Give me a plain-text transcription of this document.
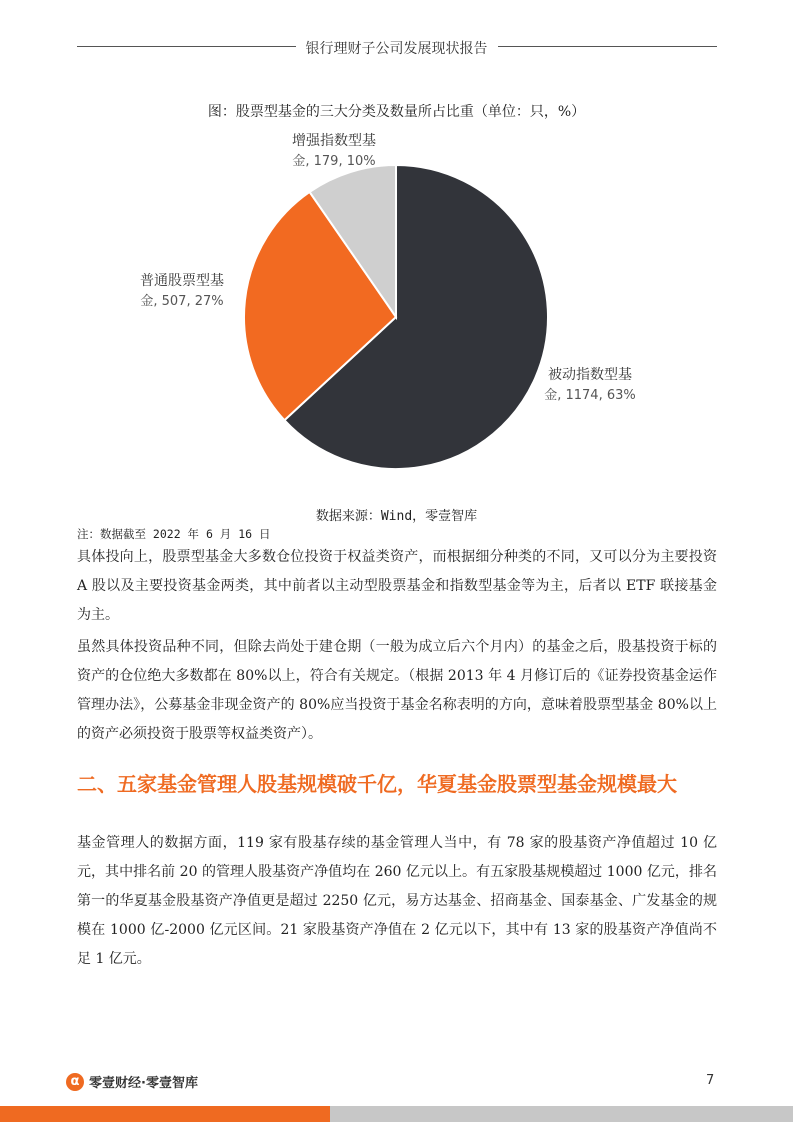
银行理财子公司发展现状报告
图：股票型基金的三大分类及数量所占比重（单位：只，%）
被动指数型基
金, 1174, 63%
普通股票型基
金, 507, 27%
增强指数型基
金, 179, 10%
数据来源：Wind，零壹智库
注：数据截至 2022 年 6 月 16 日
具体投向上，股票型基金大多数仓位投资于权益类资产，而根据细分种类的不同，又可以分为主要投资 A 股以及主要投资基金两类，其中前者以主动型股票基金和指数型基金等为主，后者以 ETF 联接基金为主。
虽然具体投资品种不同，但除去尚处于建仓期（一般为成立后六个月内）的基金之后，股基投资于标的资产的仓位绝大多数都在 80%以上，符合有关规定。（根据 2013 年 4 月修订后的《证券投资基金运作管理办法》，公募基金非现金资产的 80%应当投资于基金名称表明的方向，意味着股票型基金 80%以上的资产必须投资于股票等权益类资产）。
二、五家基金管理人股基规模破千亿，华夏基金股票型基金规模最大
基金管理人的数据方面，119 家有股基存续的基金管理人当中，有 78 家的股基资产净值超过 10 亿元，其中排名前 20 的管理人股基资产净值均在 260 亿元以上。有五家股基规模超过 1000 亿元，排名第一的华夏基金股基资产净值更是超过 2250 亿元，易方达基金、招商基金、国泰基金、广发基金的规模在 1000 亿-2000 亿元区间。21 家股基资产净值在 2 亿元以下，其中有 13 家的股基资产净值尚不足 1 亿元。
α 零壹财经·零壹智库	7
